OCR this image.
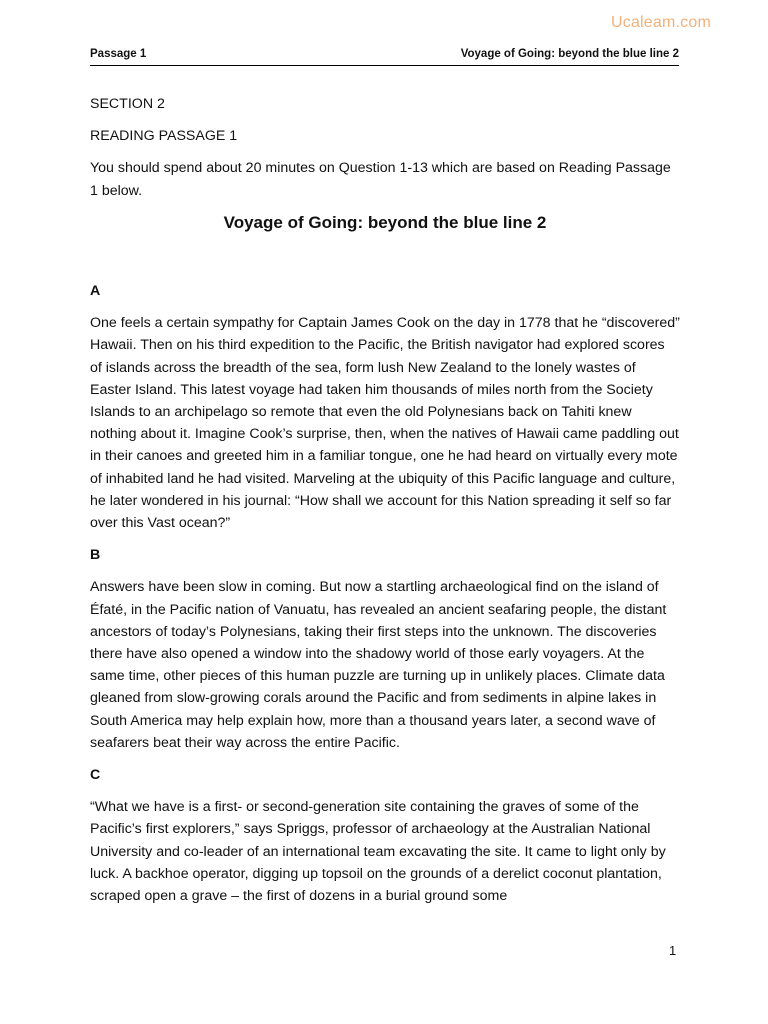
Ucaleam.com
Passage 1	Voyage of Going: beyond the blue line 2
SECTION 2
READING PASSAGE 1
You should spend about 20 minutes on Question 1-13 which are based on Reading Passage 1 below.
Voyage of Going: beyond the blue line 2
A
One feels a certain sympathy for Captain James Cook on the day in 1778 that he “discovered” Hawaii. Then on his third expedition to the Pacific, the British navigator had explored scores of islands across the breadth of the sea, form lush New Zealand to the lonely wastes of Easter Island. This latest voyage had taken him thousands of miles north from the Society Islands to an archipelago so remote that even the old Polynesians back on Tahiti knew nothing about it. Imagine Cook’s surprise, then, when the natives of Hawaii came paddling out in their canoes and greeted him in a familiar tongue, one he had heard on virtually every mote of inhabited land he had visited. Marveling at the ubiquity of this Pacific language and culture, he later wondered in his journal: “How shall we account for this Nation spreading it self so far over this Vast ocean?”
B
Answers have been slow in coming. But now a startling archaeological find on the island of Éfaté, in the Pacific nation of Vanuatu, has revealed an ancient seafaring people, the distant ancestors of today’s Polynesians, taking their first steps into the unknown. The discoveries there have also opened a window into the shadowy world of those early voyagers. At the same time, other pieces of this human puzzle are turning up in unlikely places. Climate data gleaned from slow-growing corals around the Pacific and from sediments in alpine lakes in South America may help explain how, more than a thousand years later, a second wave of seafarers beat their way across the entire Pacific.
C
“What we have is a first- or second-generation site containing the graves of some of the Pacific’s first explorers,” says Spriggs, professor of archaeology at the Australian National University and co-leader of an international team excavating the site. It came to light only by luck. A backhoe operator, digging up topsoil on the grounds of a derelict coconut plantation, scraped open a grave – the first of dozens in a burial ground some
1
